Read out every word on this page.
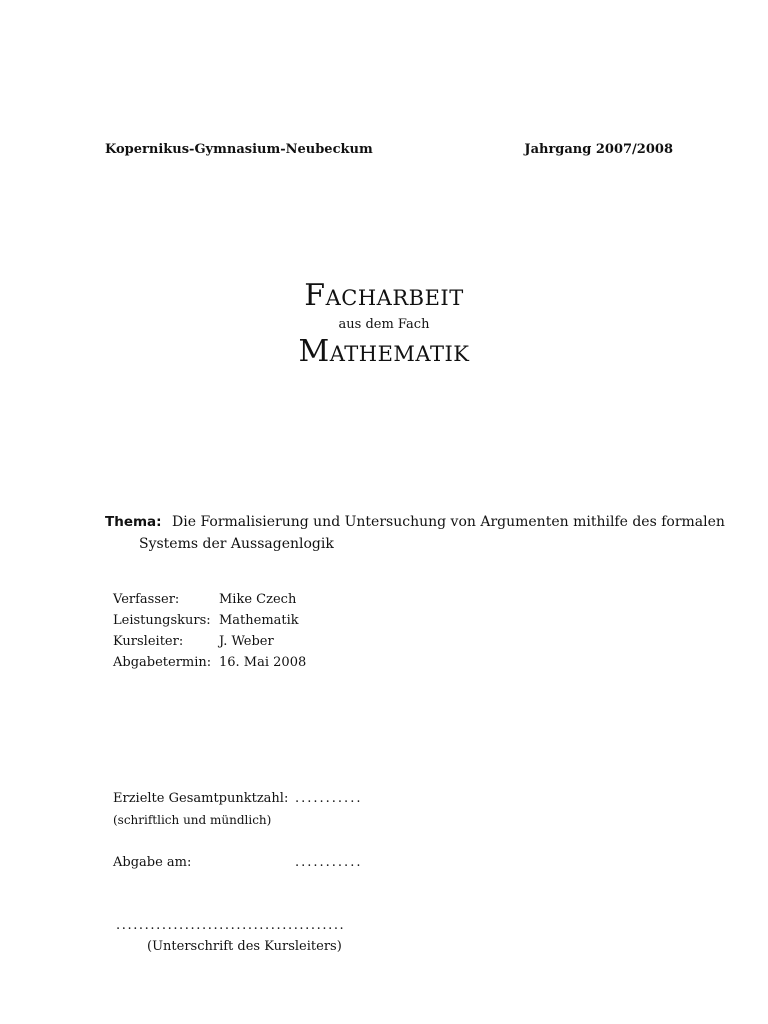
Kopernikus-Gymnasium-Neubeckum	Jahrgang 2007/2008
Facharbeit
aus dem Fach
Mathematik
Thema: Die Formalisierung und Untersuchung von Argumenten mithilfe des formalen
Systems der Aussagenlogik
Verfasser:	Mike Czech
Leistungskurs:	Mathematik
Kursleiter:	J. Weber
Abgabetermin:	16. Mai 2008
Erzielte Gesamtpunktzahl: ...........
(schriftlich und mündlich)
Abgabe am:	...........
........................................
(Unterschrift des Kursleiters)
